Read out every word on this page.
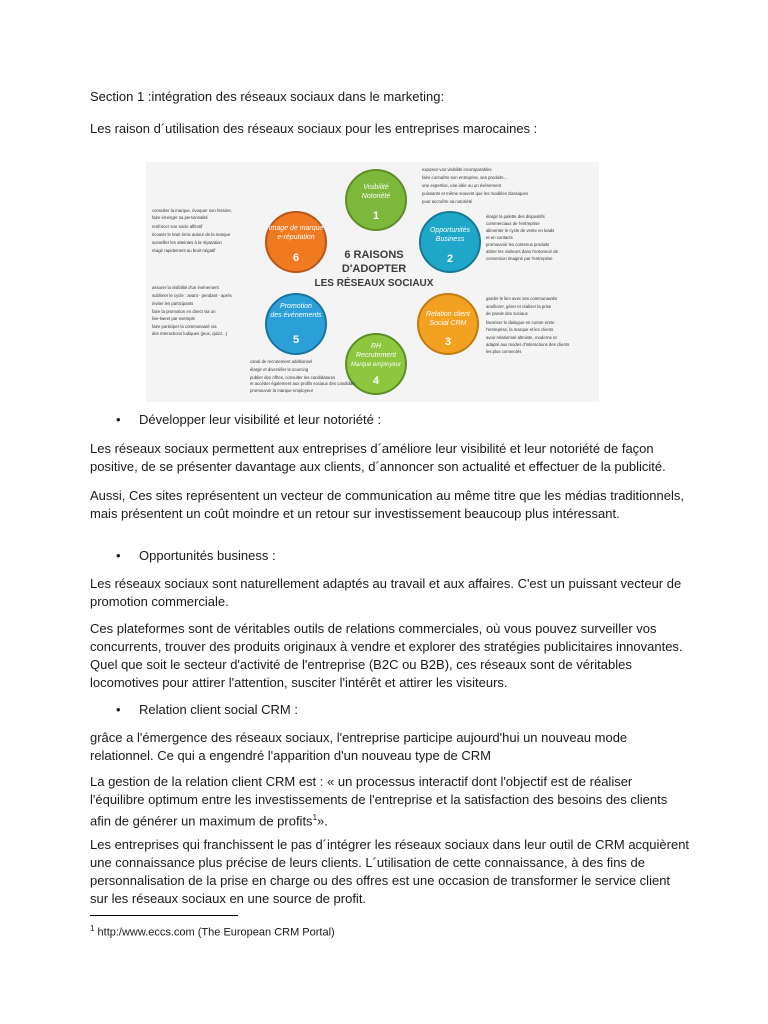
Section 1 :intégration des réseaux sociaux dans le marketing:
Les raison d´utilisation des réseaux sociaux pour les entreprises marocaines :
6 RAISONS
D'ADOPTER
LES RÉSEAUX SOCIAUX
Visibilité
Notoriété
1
Opportunités
Business
2
Relation client
Social CRM
3
RH
Recrutement
Marque employeur
4
Promotion
des événements
5
Image de marque
e-réputation
6
exposez-vos visibilité incomparables
faire connaître son entreprise, ses produits...
une expertise, une idée ou un événement
puissants et même souvent que les modèles classiques
pour accroître sa notoriété
élargir la palette des dispositifs
commerciaux de l'entreprise
alimenter le cycle de vente en leads
et en contacts
promouvoir les contenus produits
attirer les visiteurs dans l'entonnoir de
conversion imaginé par l'entreprise
garder le lien avec ses communautés
améliorer, gérer et réaliser la prise
de parole des sociaux
favoriser le dialogue en contre entre
l'entreprise, la marque et les clients
avoir relationnel altruiste, moderne et
adapté aux modes d'interactions des clients
les plus connectés
canal de recrutement additionnel
élargir et diversifier le sourcing
publier des offres, consulter les candidatures
et accéder également aux profils sociaux des candidats
promouvoir la marque employeur
assurer la visibilité d'un événement
sublimer le cycle : avant - pendant - après
inviter les participants
faire la promotion en direct via un
live-tweet par exemple
faire participer la communauté via
des interactions ludiques (jeux, quizz...)
consulter la marque, évoquer son histoire,
faire émerger sa personnalité
renforcer son socle affectif
écouter le bruit émis autour de la marque
surveiller les atteintes à la réputation
réagir rapidement au bruit négatif
• Développer leur visibilité et leur notoriété :
Les réseaux sociaux permettent aux entreprises d´améliore leur visibilité et leur notoriété de façon positive, de se présenter davantage aux clients, d´annoncer son actualité et effectuer de la publicité.
Aussi, Ces sites représentent un vecteur de communication au même titre que les médias traditionnels, mais présentent un coût moindre et un retour sur investissement beaucoup plus intéressant.
• Opportunités business :
Les réseaux sociaux sont naturellement adaptés au travail et aux affaires. C'est un puissant vecteur de promotion commerciale.
Ces plateformes sont de véritables outils de relations commerciales, où vous pouvez surveiller vos concurrents, trouver des produits originaux à vendre et explorer des stratégies publicitaires innovantes. Quel que soit le secteur d'activité de l'entreprise (B2C ou B2B), ces réseaux sont de véritables locomotives pour attirer l'attention, susciter l'intérêt et attirer les visiteurs.
• Relation client social CRM :
grâce a l'émergence des réseaux sociaux, l'entreprise participe aujourd'hui un nouveau mode relationnel. Ce qui a engendré l'apparition d'un nouveau type de CRM
La gestion de la relation client CRM est : « un processus interactif dont l'objectif est de réaliser l'équilibre optimum entre les investissements de l'entreprise et la satisfaction des besoins des clients afin de générer un maximum de profits$^1$».
Les entreprises qui franchissent le pas d´intégrer les réseaux sociaux dans leur outil de CRM acquièrent une connaissance plus précise de leurs clients. L´utilisation de cette connaissance, à des fins de personnalisation de la prise en charge ou des offres est une occasion de transformer le service client sur les réseaux sociaux en une source de profit.
$^1$ http:/www.eccs.com (The European CRM Portal)
